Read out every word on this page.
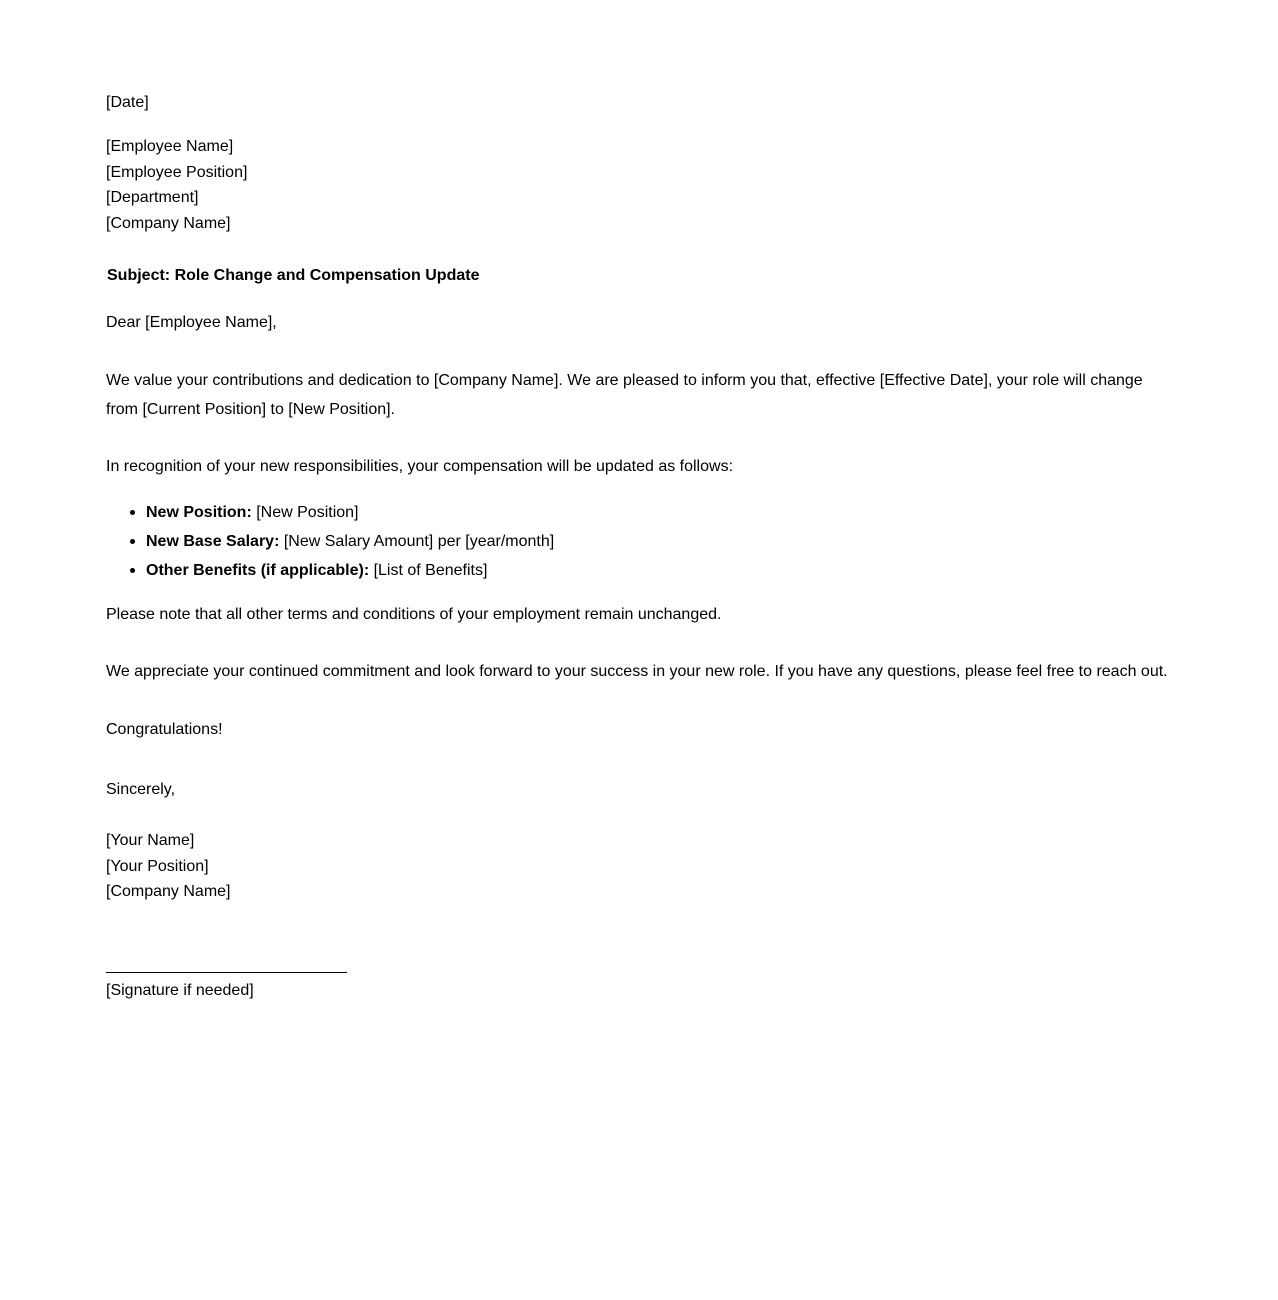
[Date]
[Employee Name]
[Employee Position]
[Department]
[Company Name]
Subject: Role Change and Compensation Update
Dear [Employee Name],
We value your contributions and dedication to [Company Name]. We are pleased to inform you that, effective [Effective Date], your role will change
from [Current Position] to [New Position].
In recognition of your new responsibilities, your compensation will be updated as follows:
New Position: [New Position]
New Base Salary: [New Salary Amount] per [year/month]
Other Benefits (if applicable): [List of Benefits]
Please note that all other terms and conditions of your employment remain unchanged.
We appreciate your continued commitment and look forward to your success in your new role. If you have any questions, please feel free to reach out.
Congratulations!
Sincerely,
[Your Name]
[Your Position]
[Company Name]
[Signature if needed]
